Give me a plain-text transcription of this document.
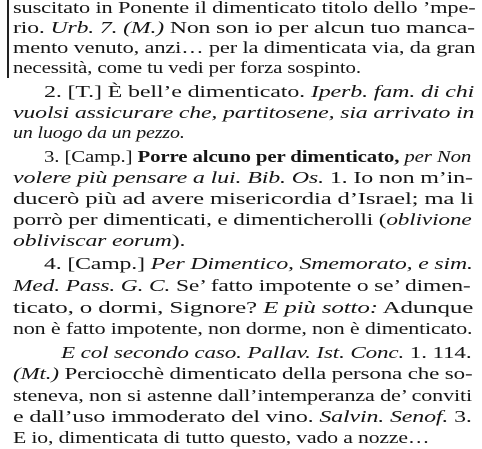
suscitato in Ponente il dimenticato titolo dello ’mpe-
rio. Urb. 7. (M.) Non son io per alcun tuo manca-
mento venuto, anzi… per la dimenticata via, da gran
necessità, come tu vedi per forza sospinto.
2. [T.] È bell’e dimenticato. Iperb. fam. di chi
vuolsi assicurare che, partitosene, sia arrivato in
un luogo da un pezzo.
3. [Camp.] Porre alcuno per dimenticato, per Non
volere più pensare a lui. Bib. Os. 1. Io non m’in-
ducerò più ad avere misericordia d’Israel; ma li
porrò per dimenticati, e dimenticherolli (oblivione
obliviscar eorum).
4. [Camp.] Per Dimentico, Smemorato, e sim.
Med. Pass. G. C. Se’ fatto impotente o se’ dimen-
ticato, o dormi, Signore? E più sotto: Adunque
non è fatto impotente, non dorme, non è dimenticato.
E col secondo caso. Pallav. Ist. Conc. 1. 114.
(Mt.) Perciocchè dimenticato della persona che so-
steneva, non si astenne dall’intemperanza de’ conviti
e dall’uso immoderato del vino. Salvin. Senof. 3.
E io, dimenticata di tutto questo, vado a nozze…
